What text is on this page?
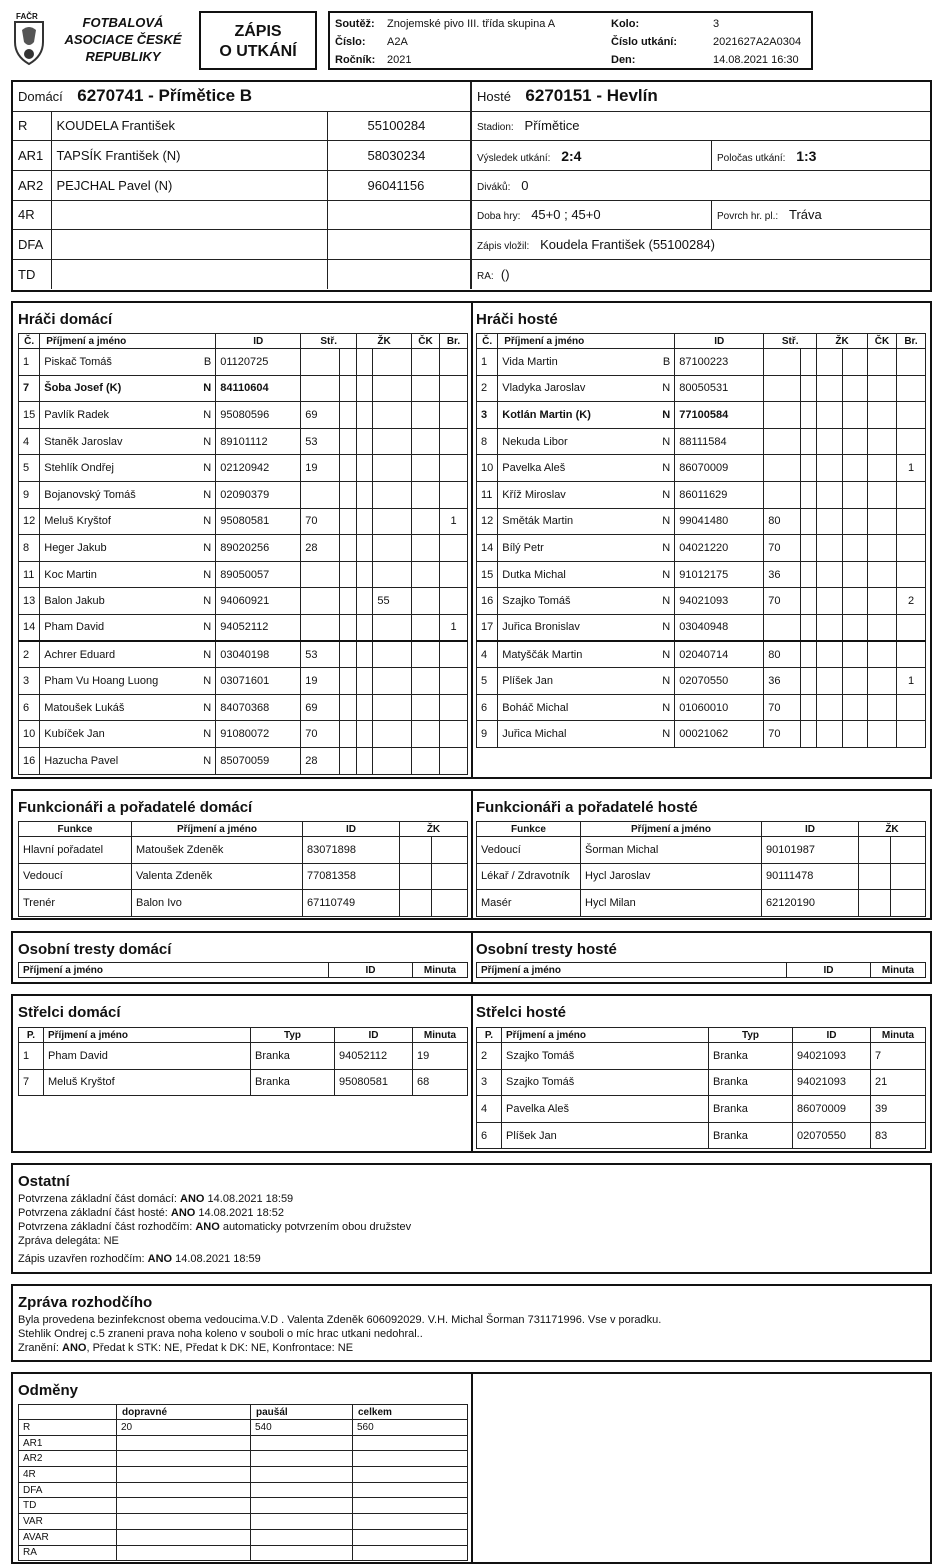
FAČR	FOTBALOVÁ
ASOCIACE ČESKÉ
REPUBLIKY
ZÁPIS
O UTKÁNÍ
Soutěž:	Znojemské pivo III. třída skupina A	Kolo:	3
Číslo:	A2A	Číslo utkání:	2021627A2A0304
Ročník:	2021	Den:	14.08.2021 16:30
Domácí 6270741 - Přímětice B		
R	KOUDELA František	55100284
AR1	TAPSÍK František (N)	58030234
AR2	PEJCHAL Pavel (N)	96041156
4R		
DFA		
TD		
Hosté 6270151 - Hevlín	
Stadion: Přímětice	
Výsledek utkání: 2:4	Poločas utkání: 1:3
Diváků: 0	
Doba hry: 45+0 ; 45+0	Povrch hr. pl.: Tráva
Zápis vložil: Koudela František (55100284)	
RA: ()	
Hráči domácí	Hráči hosté
Č.	Příjmení a jméno	ID	Stř.		ŽK		ČK	Br.
1	Piskač Tomáš B	01120725						
7	Šoba Josef (K) N	84110604						
15	Pavlík Radek N	95080596	69					
4	Staněk Jaroslav N	89101112	53					
5	Stehlík Ondřej N	02120942	19					
9	Bojanovský Tomáš N	02090379						
12	Meluš Kryštof N	95080581	70					1
8	Heger Jakub N	89020256	28					
11	Koc Martin N	89050057						
13	Balon Jakub N	94060921				55		
14	Pham David N	94052112						1
2	Achrer Eduard N	03040198	53					
3	Pham Vu Hoang Luong N	03071601	19					
6	Matoušek Lukáš N	84070368	69					
10	Kubíček Jan N	91080072	70					
16	Hazucha Pavel N	85070059	28					
Č.	Příjmení a jméno	ID	Stř.		ŽK		ČK	Br.
1	Vida Martin B	87100223						
2	Vladyka Jaroslav N	80050531						
3	Kotlán Martin (K) N	77100584						
8	Nekuda Libor N	88111584						
10	Pavelka Aleš N	86070009						1
11	Kříž Miroslav N	86011629						
12	Směták Martin N	99041480	80					
14	Bílý Petr N	04021220	70					
15	Dutka Michal N	91012175	36					
16	Szajko Tomáš N	94021093	70					2
17	Juřica Bronislav N	03040948						
4	Matyščák Martin N	02040714	80					
5	Plíšek Jan N	02070550	36					1
6	Boháč Michal N	01060010	70					
9	Juřica Michal N	00021062	70					
Funkcionáři a pořadatelé domácí	Funkcionáři a pořadatelé hosté
Funkce	Příjmení a jméno	ID	ŽK	
Hlavní pořadatel	Matoušek Zdeněk	83071898		
Vedoucí	Valenta Zdeněk	77081358		
Trenér	Balon Ivo	67110749		
Funkce	Příjmení a jméno	ID	ŽK	
Vedoucí	Šorman Michal	90101987		
Lékař / Zdravotník	Hycl Jaroslav	90111478		
Masér	Hycl Milan	62120190		
Osobní tresty domácí	Osobní tresty hosté
Příjmení a jméno	ID	Minuta Příjmení a jméno	ID	Minuta
Střelci domácí	Střelci hosté
P.	Příjmení a jméno	Typ	ID	Minuta
1	Pham David	Branka	94052112	19
7	Meluš Kryštof	Branka	95080581	68
P.	Příjmení a jméno	Typ	ID	Minuta
2	Szajko Tomáš	Branka	94021093	7
3	Szajko Tomáš	Branka	94021093	21
4	Pavelka Aleš	Branka	86070009	39
6	Plíšek Jan	Branka	02070550	83
Ostatní
Potvrzena základní část domácí: ANO 14.08.2021 18:59
Potvrzena základní část hosté: ANO 14.08.2021 18:52
Potvrzena základní část rozhodčím: ANO automaticky potvrzením obou družstev
Zpráva delegáta: NE
Zápis uzavřen rozhodčím: ANO 14.08.2021 18:59
Zpráva rozhodčího
Byla provedena bezinfekcnost obema vedoucima.V.D . Valenta Zdeněk 606092029. V.H. Michal Šorman 731171996. Vse v poradku.
Stehlik Ondrej c.5 zraneni prava noha koleno v souboli o míc hrac utkani nedohral..
Zranění: ANO, Předat k STK: NE, Předat k DK: NE, Konfrontace: NE
Odměny
	dopravné	paušál	celkem
R	20	540	560
AR1			
AR2			
4R			
DFA			
TD			
VAR			
AVAR			
RA			
